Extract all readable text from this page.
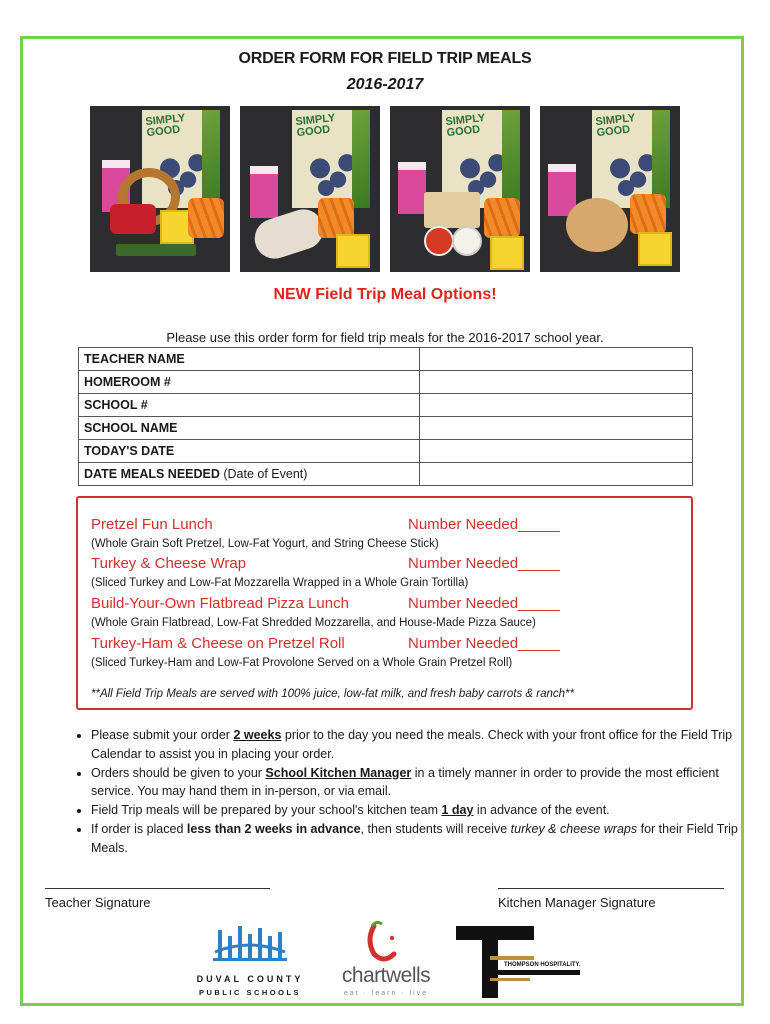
ORDER FORM FOR FIELD TRIP MEALS
2016-2017
SIMPLY GOOD
SIMPLY GOOD
SIMPLY GOOD
SIMPLY GOOD
NEW Field Trip Meal Options!
Please use this order form for field trip meals for the 2016-2017 school year.
TEACHER NAME	
HOMEROOM #	
SCHOOL #	
SCHOOL NAME	
TODAY'S DATE	
DATE MEALS NEEDED (Date of Event)	
Pretzel Fun Lunch	Number Needed_____
(Whole Grain Soft Pretzel, Low-Fat Yogurt, and String Cheese Stick)
Turkey & Cheese Wrap	Number Needed_____
(Sliced Turkey and Low-Fat Mozzarella Wrapped in a Whole Grain Tortilla)
Build-Your-Own Flatbread Pizza Lunch	Number Needed_____
(Whole Grain Flatbread, Low-Fat Shredded Mozzarella, and House-Made Pizza Sauce)
Turkey-Ham & Cheese on Pretzel Roll	Number Needed_____
(Sliced Turkey-Ham and Low-Fat Provolone Served on a Whole Grain Pretzel Roll)
**All Field Trip Meals are served with 100% juice, low-fat milk, and fresh baby carrots & ranch**
• Please submit your order 2 weeks prior to the day you need the meals. Check with your front office for the Field Trip Calendar to assist you in placing your order.
• Orders should be given to your School Kitchen Manager in a timely manner in order to provide the most efficient service. You may hand them in in-person, or via email.
• Field Trip meals will be prepared by your school's kitchen team 1 day in advance of the event.
• If order is placed less than 2 weeks in advance, then students will receive turkey & cheese wraps for their Field Trip Meals.
Teacher Signature	Kitchen Manager Signature
DUVAL COUNTY
PUBLIC SCHOOLS
chartwells
eat · learn · live
THOMPSON HOSPITALITY.
